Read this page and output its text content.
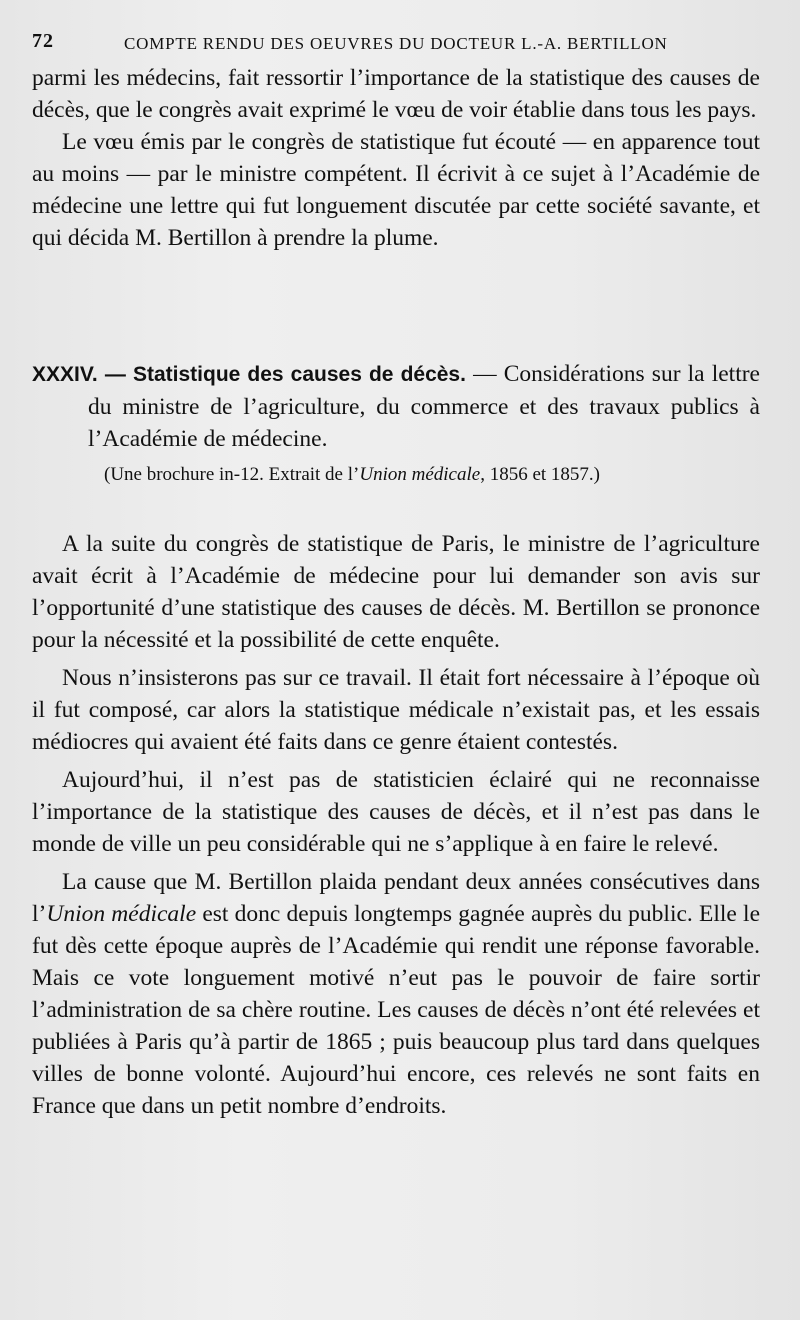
72	COMPTE RENDU DES OEUVRES DU DOCTEUR L.-A. BERTILLON

parmi les médecins, fait ressortir l’importance de la statistique des causes de décès, que le congrès avait exprimé le vœu de voir établie dans tous les pays.

Le vœu émis par le congrès de statistique fut écouté — en apparence tout au moins — par le ministre compétent. Il écrivit à ce sujet à l’Académie de médecine une lettre qui fut longuement discutée par cette société savante, et qui décida M. Bertillon à prendre la plume.

XXXIV. — Statistique des causes de décès. — Considérations sur la lettre du ministre de l’agriculture, du commerce et des travaux publics à l’Académie de médecine.
(Une brochure in-12. Extrait de l’Union médicale, 1856 et 1857.)

A la suite du congrès de statistique de Paris, le ministre de l’agriculture avait écrit à l’Académie de médecine pour lui demander son avis sur l’opportunité d’une statistique des causes de décès. M. Bertillon se prononce pour la nécessité et la possibilité de cette enquête.

Nous n’insisterons pas sur ce travail. Il était fort nécessaire à l’époque où il fut composé, car alors la statistique médicale n’existait pas, et les essais médiocres qui avaient été faits dans ce genre étaient contestés.

Aujourd’hui, il n’est pas de statisticien éclairé qui ne reconnaisse l’importance de la statistique des causes de décès, et il n’est pas dans le monde de ville un peu considérable qui ne s’applique à en faire le relevé.

La cause que M. Bertillon plaida pendant deux années consécutives dans l’Union médicale est donc depuis longtemps gagnée auprès du public. Elle le fut dès cette époque auprès de l’Académie qui rendit une réponse favorable. Mais ce vote longuement motivé n’eut pas le pouvoir de faire sortir l’administration de sa chère routine. Les causes de décès n’ont été relevées et publiées à Paris qu’à partir de 1865 ; puis beaucoup plus tard dans quelques villes de bonne volonté. Aujourd’hui encore, ces relevés ne sont faits en France que dans un petit nombre d’endroits.
